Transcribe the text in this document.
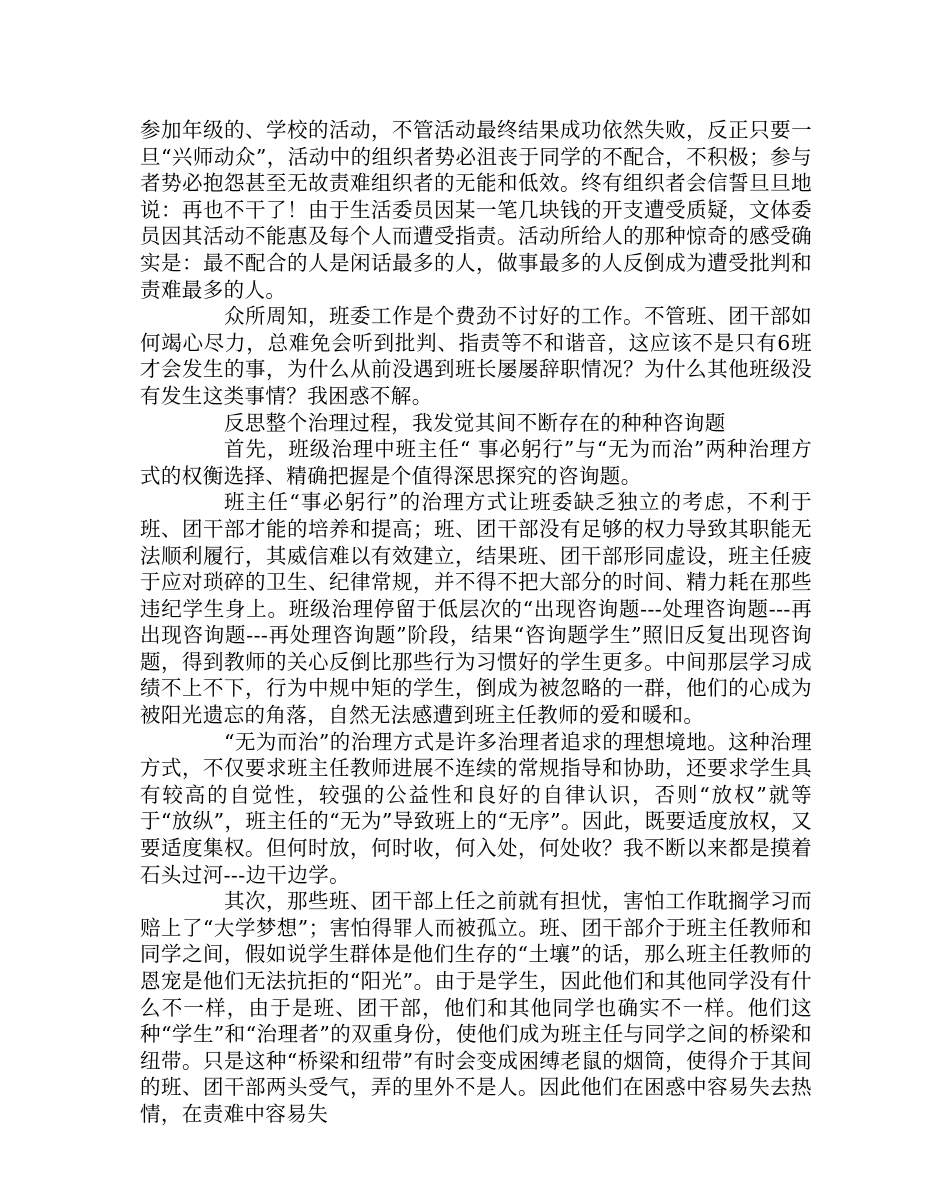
参加年级的、学校的活动，不管活动最终结果成功依然失败，反正只要一旦“兴师动众”，活动中的组织者势必沮丧于同学的不配合，不积极；参与者势必抱怨甚至无故责难组织者的无能和低效。终有组织者会信誓旦旦地说：再也不干了！由于生活委员因某一笔几块钱的开支遭受质疑，文体委员因其活动不能惠及每个人而遭受指责。活动所给人的那种惊奇的感受确实是：最不配合的人是闲话最多的人，做事最多的人反倒成为遭受批判和责难最多的人。

众所周知，班委工作是个费劲不讨好的工作。不管班、团干部如何竭心尽力，总难免会听到批判、指责等不和谐音，这应该不是只有6班才会发生的事，为什么从前没遇到班长屡屡辞职情况？为什么其他班级没有发生这类事情？我困惑不解。

反思整个治理过程，我发觉其间不断存在的种种咨询题

首先，班级治理中班主任“ 事必躬行”与“无为而治”两种治理方式的权衡选择、精确把握是个值得深思探究的咨询题。

班主任“事必躬行”的治理方式让班委缺乏独立的考虑，不利于班、团干部才能的培养和提高；班、团干部没有足够的权力导致其职能无法顺利履行，其威信难以有效建立，结果班、团干部形同虚设，班主任疲于应对琐碎的卫生、纪律常规，并不得不把大部分的时间、精力耗在那些违纪学生身上。班级治理停留于低层次的“出现咨询题---处理咨询题---再出现咨询题---再处理咨询题”阶段，结果“咨询题学生”照旧反复出现咨询题，得到教师的关心反倒比那些行为习惯好的学生更多。中间那层学习成绩不上不下，行为中规中矩的学生，倒成为被忽略的一群，他们的心成为被阳光遗忘的角落，自然无法感遭到班主任教师的爱和暖和。

“无为而治”的治理方式是许多治理者追求的理想境地。这种治理方式，不仅要求班主任教师进展不连续的常规指导和协助，还要求学生具有较高的自觉性，较强的公益性和良好的自律认识，否则“放权”就等于“放纵”，班主任的“无为”导致班上的“无序”。因此，既要适度放权，又要适度集权。但何时放，何时收，何入处，何处收？我不断以来都是摸着石头过河---边干边学。

其次，那些班、团干部上任之前就有担忧，害怕工作耽搁学习而赔上了“大学梦想”；害怕得罪人而被孤立。班、团干部介于班主任教师和同学之间，假如说学生群体是他们生存的“土壤”的话，那么班主任教师的恩宠是他们无法抗拒的“阳光”。由于是学生，因此他们和其他同学没有什么不一样，由于是班、团干部，他们和其他同学也确实不一样。他们这种“学生”和“治理者”的双重身份，使他们成为班主任与同学之间的桥梁和纽带。只是这种“桥梁和纽带”有时会变成困缚老鼠的烟筒，使得介于其间的班、团干部两头受气，弄的里外不是人。因此他们在困惑中容易失去热情，在责难中容易失
